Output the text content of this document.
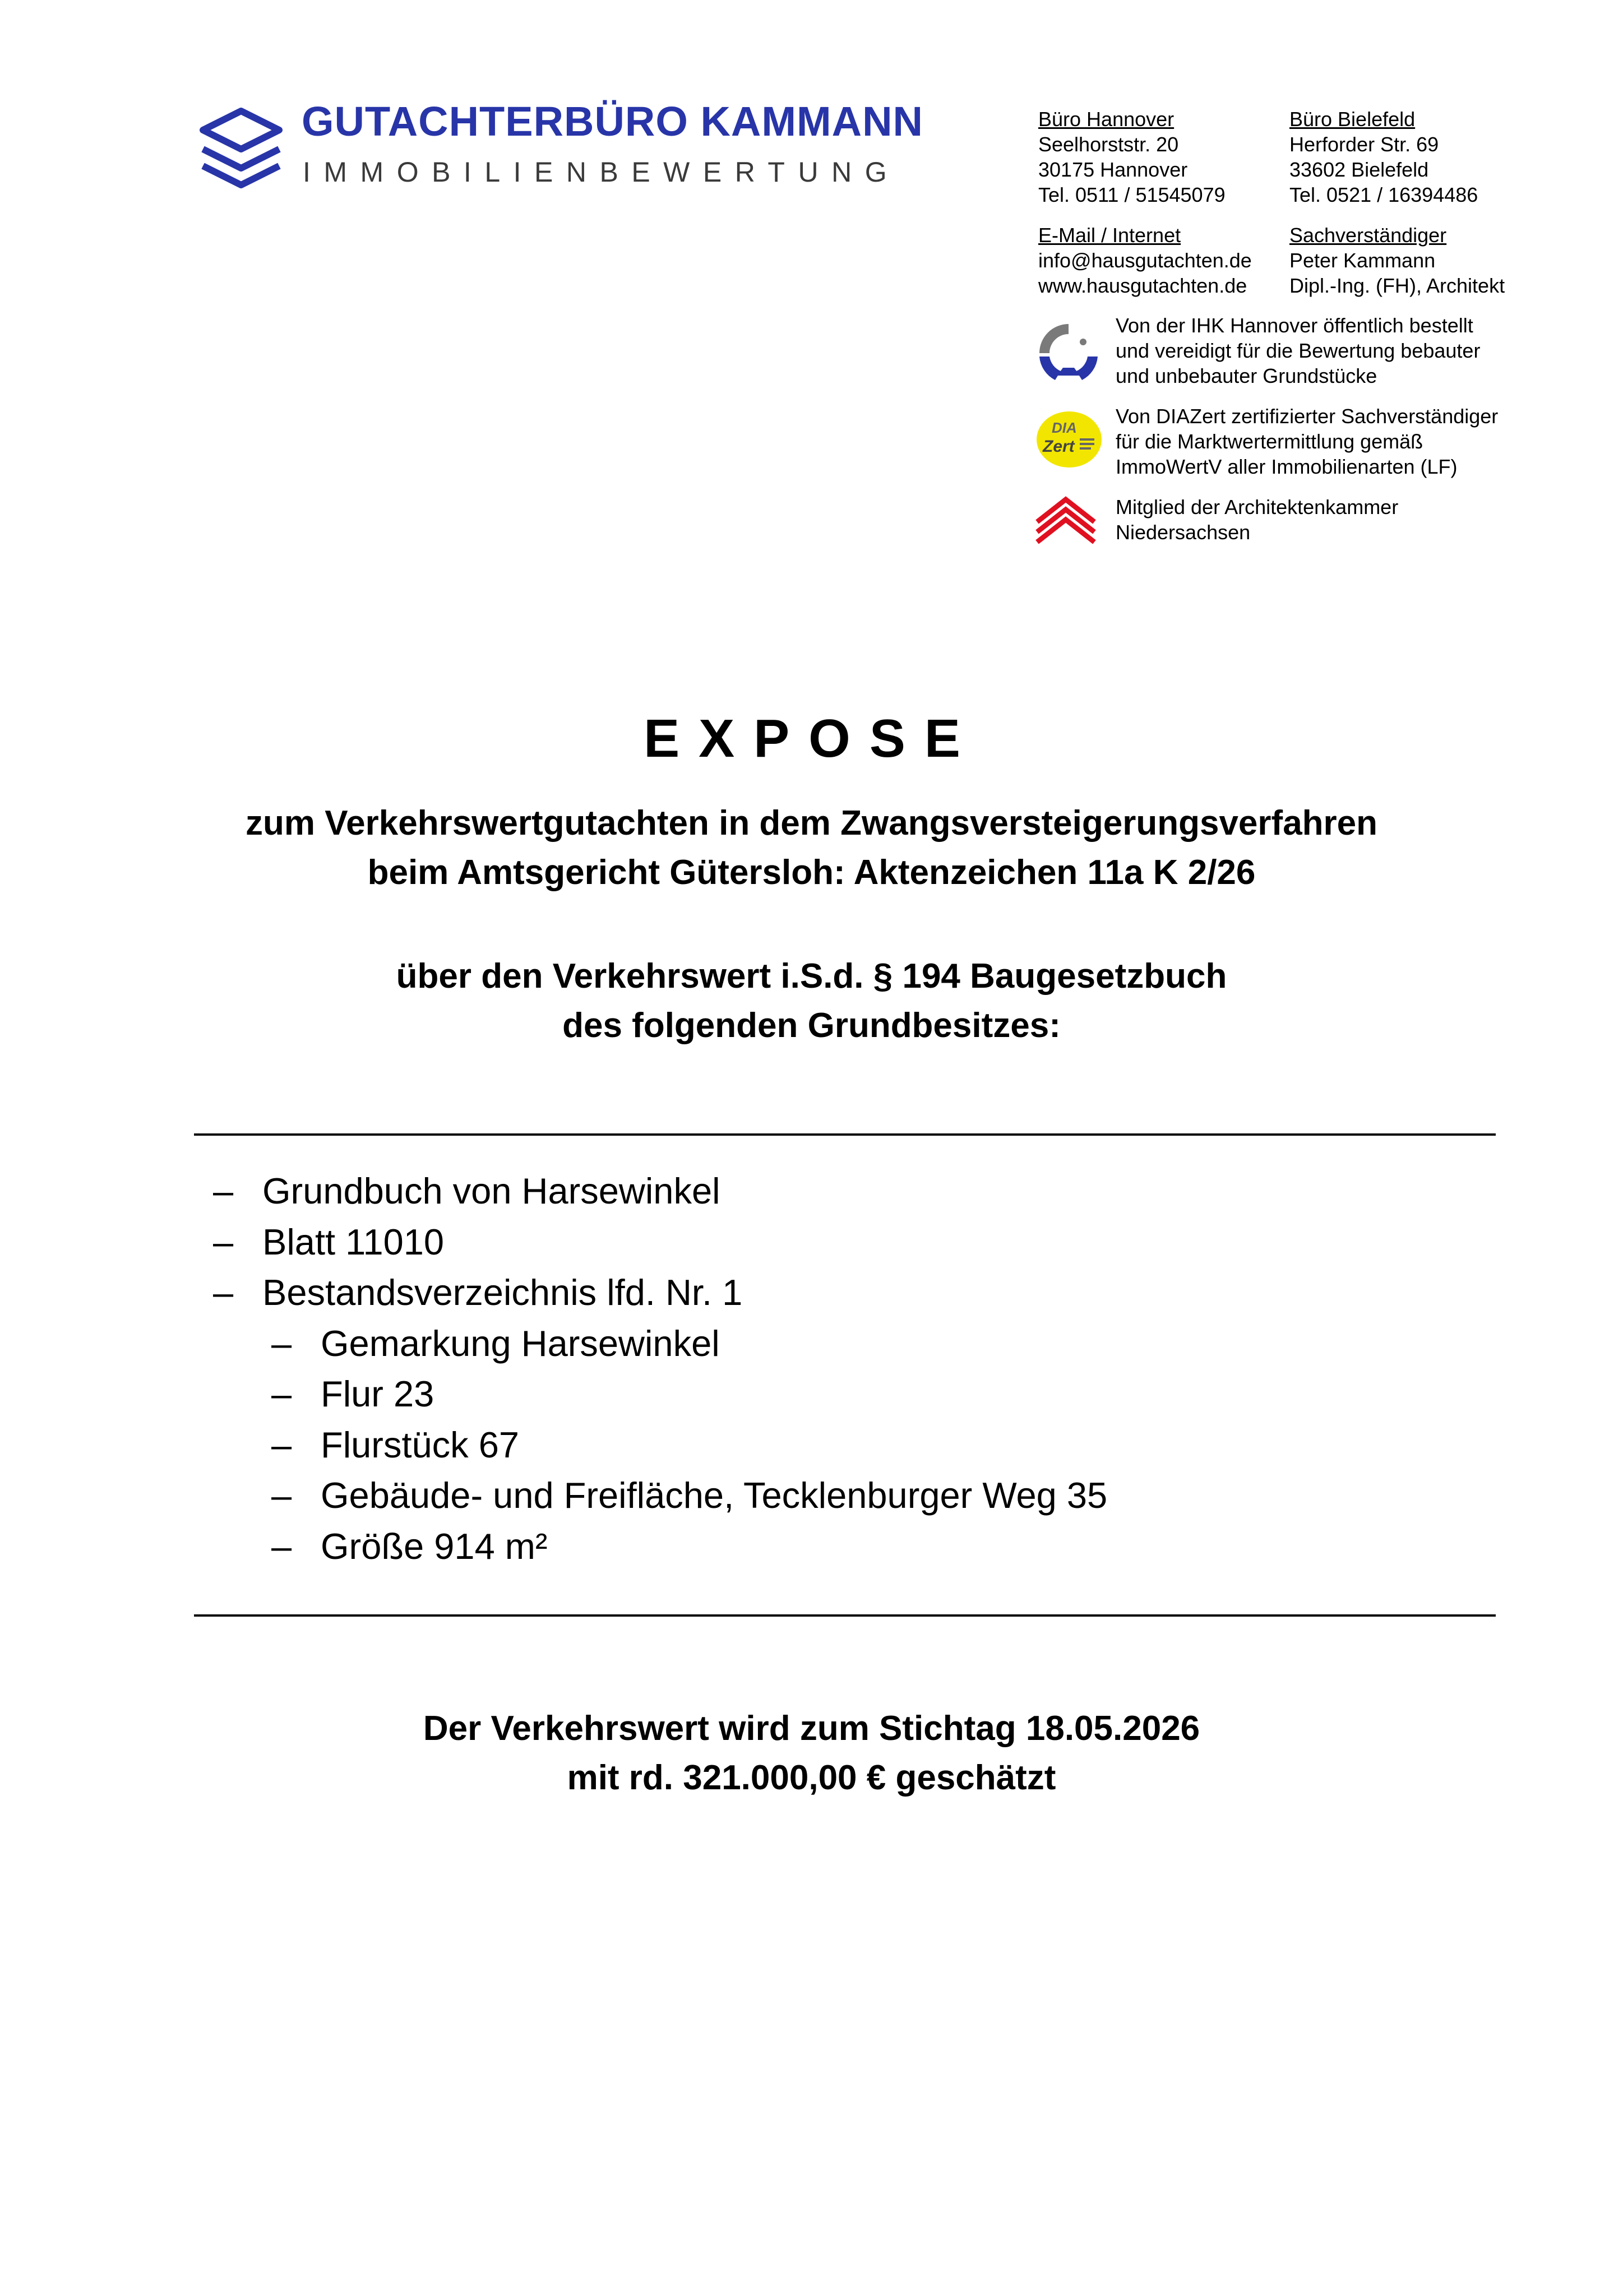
GUTACHTERBÜRO KAMMANN
IMMOBILIENBEWERTUNG
Büro Hannover
Seelhorststr. 20
30175 Hannover
Tel. 0511 / 51545079
Büro Bielefeld
Herforder Str. 69
33602 Bielefeld
Tel. 0521 / 16394486
E-Mail / Internet
info@hausgutachten.de
www.hausgutachten.de
Sachverständiger
Peter Kammann
Dipl.-Ing. (FH), Architekt
DIA
Zert
Von der IHK Hannover öffentlich bestellt
und vereidigt für die Bewertung bebauter
und unbebauter Grundstücke
Von DIAZert zertifizierter Sachverständiger
für die Marktwertermittlung gemäß
ImmoWertV aller Immobilienarten (LF)
Mitglied der Architektenkammer
Niedersachsen
EXPOSE
zum Verkehrswertgutachten in dem Zwangsversteigerungsverfahren
beim Amtsgericht Gütersloh: Aktenzeichen 11a K 2/26
über den Verkehrswert i.S.d. § 194 Baugesetzbuch
des folgenden Grundbesitzes:
– Grundbuch von Harsewinkel
– Blatt 11010
– Bestandsverzeichnis lfd. Nr. 1
– Gemarkung Harsewinkel
– Flur 23
– Flurstück 67
– Gebäude- und Freifläche, Tecklenburger Weg 35
– Größe 914 m²
Der Verkehrswert wird zum Stichtag 18.05.2026
mit rd. 321.000,00 € geschätzt
